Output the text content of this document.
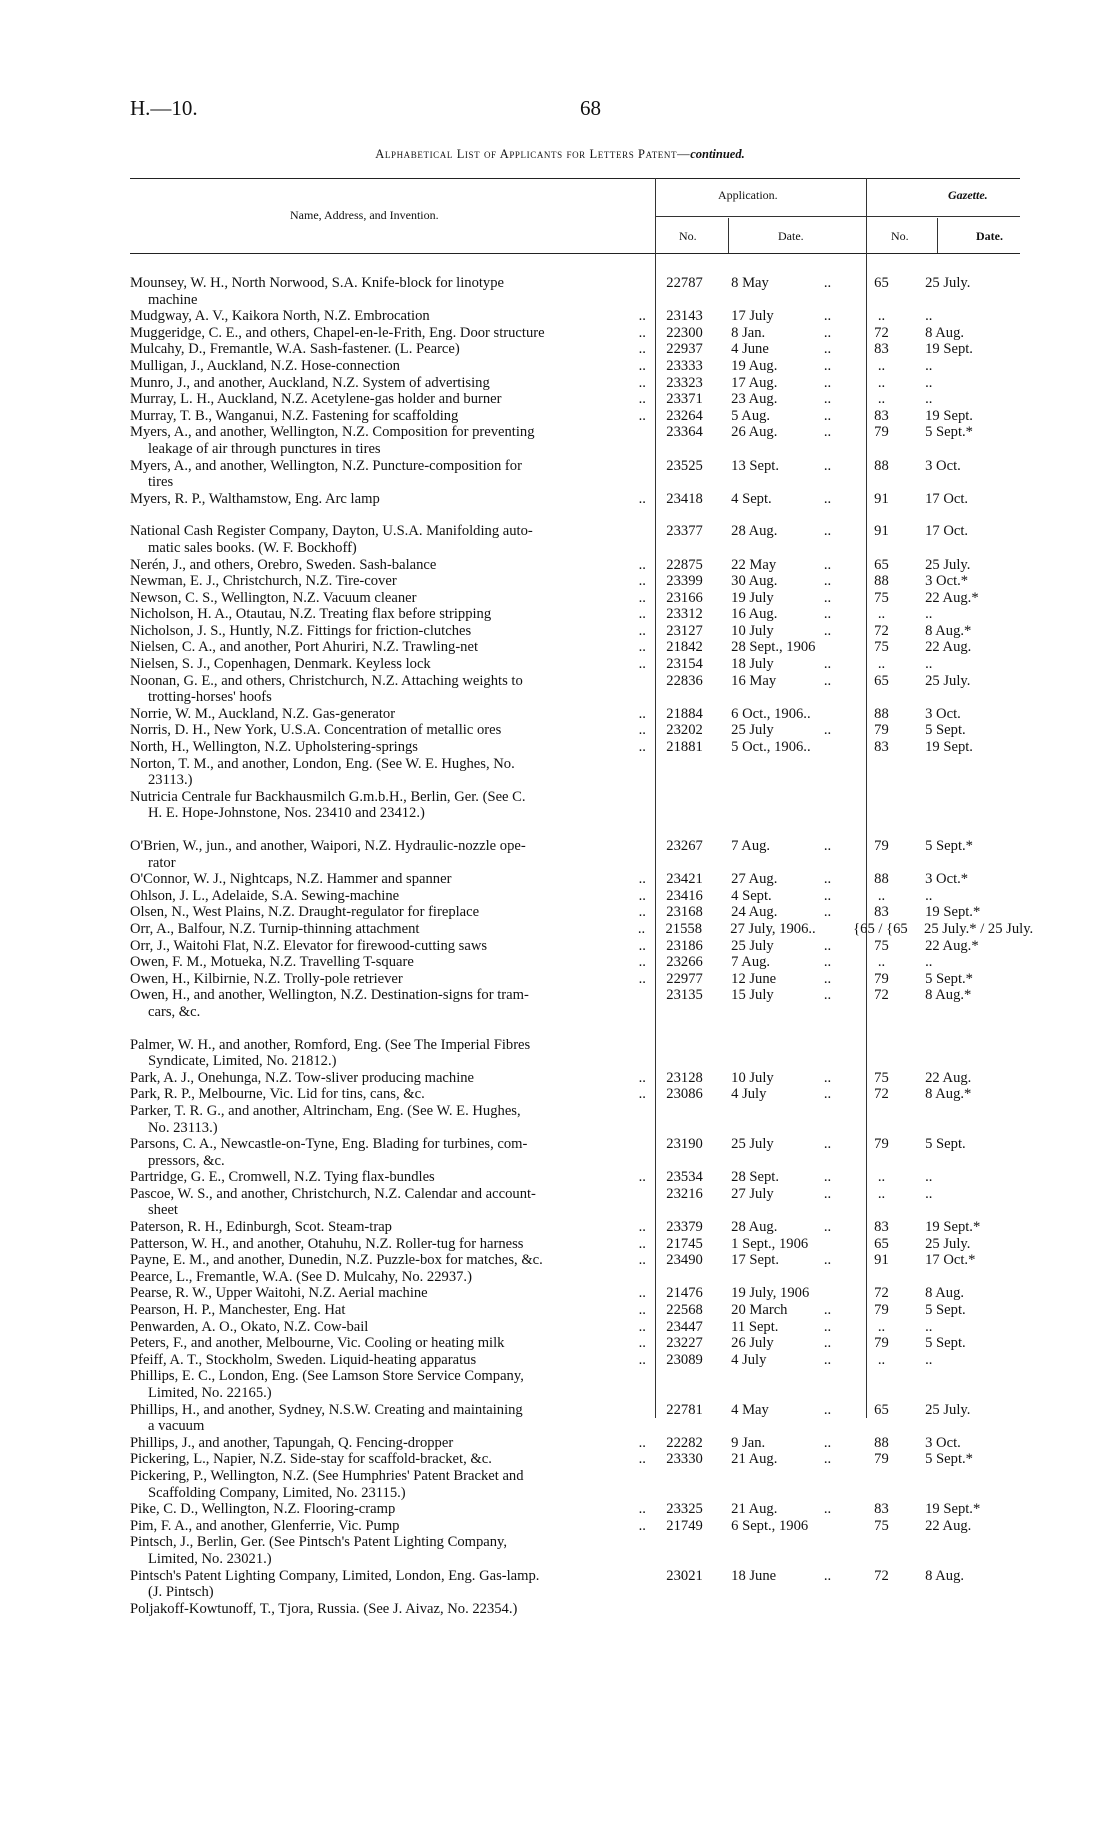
H.—10.	68
Alphabetical List of Applicants for Letters Patent—continued.
Name, Address, and Invention.
Application.	Gazette.
No.	Date.	No.	Date.
Mounsey, W. H., North Norwood, S.A. Knife-block for linotype
machine
22787	8 May	..	65	25 July.
Mudgway, A. V., Kaikora North, N.Z. Embrocation	..	23143	17 July	..	..	..
Muggeridge, C. E., and others, Chapel-en-le-Frith, Eng. Door structure	..	22300	8 Jan.	..	72	8 Aug.
Mulcahy, D., Fremantle, W.A. Sash-fastener. (L. Pearce)	..	22937	4 June	..	83	19 Sept.
Mulligan, J., Auckland, N.Z. Hose-connection	..	23333	19 Aug.	..	..	..
Munro, J., and another, Auckland, N.Z. System of advertising	..	23323	17 Aug.	..	..	..
Murray, L. H., Auckland, N.Z. Acetylene-gas holder and burner	..	23371	23 Aug.	..	..	..
Murray, T. B., Wanganui, N.Z. Fastening for scaffolding	..	23264	5 Aug.	..	83	19 Sept.
Myers, A., and another, Wellington, N.Z. Composition for preventing
leakage of air through punctures in tires
23364	26 Aug.	..	79	5 Sept.*
Myers, A., and another, Wellington, N.Z. Puncture-composition for
tires
23525	13 Sept.	..	88	3 Oct.
Myers, R. P., Walthamstow, Eng. Arc lamp	..	23418	4 Sept.	..	91	17 Oct.
National Cash Register Company, Dayton, U.S.A. Manifolding auto-
matic sales books. (W. F. Bockhoff)
23377	28 Aug.	..	91	17 Oct.
Nerén, J., and others, Orebro, Sweden. Sash-balance	..	22875	22 May	..	65	25 July.
Newman, E. J., Christchurch, N.Z. Tire-cover	..	23399	30 Aug.	..	88	3 Oct.*
Newson, C. S., Wellington, N.Z. Vacuum cleaner	..	23166	19 July	..	75	22 Aug.*
Nicholson, H. A., Otautau, N.Z. Treating flax before stripping	..	23312	16 Aug.	..	..	..
Nicholson, J. S., Huntly, N.Z. Fittings for friction-clutches	..	23127	10 July	..	72	8 Aug.*
Nielsen, C. A., and another, Port Ahuriri, N.Z. Trawling-net	..	21842	28 Sept., 1906	75	22 Aug.
Nielsen, S. J., Copenhagen, Denmark. Keyless lock	..	23154	18 July	..	..	..
Noonan, G. E., and others, Christchurch, N.Z. Attaching weights to
trotting-horses' hoofs
22836	16 May	..	65	25 July.
Norrie, W. M., Auckland, N.Z. Gas-generator	..	21884	6 Oct., 1906..	88	3 Oct.
Norris, D. H., New York, U.S.A. Concentration of metallic ores	..	23202	25 July	..	79	5 Sept.
North, H., Wellington, N.Z. Upholstering-springs	..	21881	5 Oct., 1906..	83	19 Sept.
Norton, T. M., and another, London, Eng. (See W. E. Hughes, No.
23113.)
Nutricia Centrale fur Backhausmilch G.m.b.H., Berlin, Ger. (See C.
H. E. Hope-Johnstone, Nos. 23410 and 23412.)
O'Brien, W., jun., and another, Waipori, N.Z. Hydraulic-nozzle ope-
rator
23267	7 Aug.	..	79	5 Sept.*
O'Connor, W. J., Nightcaps, N.Z. Hammer and spanner	..	23421	27 Aug.	..	88	3 Oct.*
Ohlson, J. L., Adelaide, S.A. Sewing-machine	..	23416	4 Sept.	..	..	..
Olsen, N., West Plains, N.Z. Draught-regulator for fireplace	..	23168	24 Aug.	..	83	19 Sept.*
Orr, A., Balfour, N.Z. Turnip-thinning attachment	..	21558	27 July, 1906..	{65 / {65	25 July.* / 25 July.
Orr, J., Waitohi Flat, N.Z. Elevator for firewood-cutting saws	..	23186	25 July	..	75	22 Aug.*
Owen, F. M., Motueka, N.Z. Travelling T-square	..	23266	7 Aug.	..	..	..
Owen, H., Kilbirnie, N.Z. Trolly-pole retriever	..	22977	12 June	..	79	5 Sept.*
Owen, H., and another, Wellington, N.Z. Destination-signs for tram-
cars, &c.
23135	15 July	..	72	8 Aug.*
Palmer, W. H., and another, Romford, Eng. (See The Imperial Fibres
Syndicate, Limited, No. 21812.)
Park, A. J., Onehunga, N.Z. Tow-sliver producing machine	..	23128	10 July	..	75	22 Aug.
Park, R. P., Melbourne, Vic. Lid for tins, cans, &c.	..	23086	4 July	..	72	8 Aug.*
Parker, T. R. G., and another, Altrincham, Eng. (See W. E. Hughes,
No. 23113.)
Parsons, C. A., Newcastle-on-Tyne, Eng. Blading for turbines, com-
pressors, &c.
23190	25 July	..	79	5 Sept.
Partridge, G. E., Cromwell, N.Z. Tying flax-bundles	..	23534	28 Sept.	..	..	..
Pascoe, W. S., and another, Christchurch, N.Z. Calendar and account-
sheet
23216	27 July	..	..	..
Paterson, R. H., Edinburgh, Scot. Steam-trap	..	23379	28 Aug.	..	83	19 Sept.*
Patterson, W. H., and another, Otahuhu, N.Z. Roller-tug for harness	..	21745	1 Sept., 1906	65	25 July.
Payne, E. M., and another, Dunedin, N.Z. Puzzle-box for matches, &c.	..	23490	17 Sept.	..	91	17 Oct.*
Pearce, L., Fremantle, W.A. (See D. Mulcahy, No. 22937.)
Pearse, R. W., Upper Waitohi, N.Z. Aerial machine	..	21476	19 July, 1906	72	8 Aug.
Pearson, H. P., Manchester, Eng. Hat	..	22568	20 March	..	79	5 Sept.
Penwarden, A. O., Okato, N.Z. Cow-bail	..	23447	11 Sept.	..	..	..
Peters, F., and another, Melbourne, Vic. Cooling or heating milk	..	23227	26 July	..	79	5 Sept.
Pfeiff, A. T., Stockholm, Sweden. Liquid-heating apparatus	..	23089	4 July	..	..	..
Phillips, E. C., London, Eng. (See Lamson Store Service Company,
Limited, No. 22165.)
Phillips, H., and another, Sydney, N.S.W. Creating and maintaining
a vacuum
22781	4 May	..	65	25 July.
Phillips, J., and another, Tapungah, Q. Fencing-dropper	..	22282	9 Jan.	..	88	3 Oct.
Pickering, L., Napier, N.Z. Side-stay for scaffold-bracket, &c.	..	23330	21 Aug.	..	79	5 Sept.*
Pickering, P., Wellington, N.Z. (See Humphries' Patent Bracket and
Scaffolding Company, Limited, No. 23115.)
Pike, C. D., Wellington, N.Z. Flooring-cramp	..	23325	21 Aug.	..	83	19 Sept.*
Pim, F. A., and another, Glenferrie, Vic. Pump	..	21749	6 Sept., 1906	75	22 Aug.
Pintsch, J., Berlin, Ger. (See Pintsch's Patent Lighting Company,
Limited, No. 23021.)
Pintsch's Patent Lighting Company, Limited, London, Eng. Gas-lamp.
(J. Pintsch)
23021	18 June	..	72	8 Aug.
Poljakoff-Kowtunoff, T., Tjora, Russia. (See J. Aivaz, No. 22354.)
